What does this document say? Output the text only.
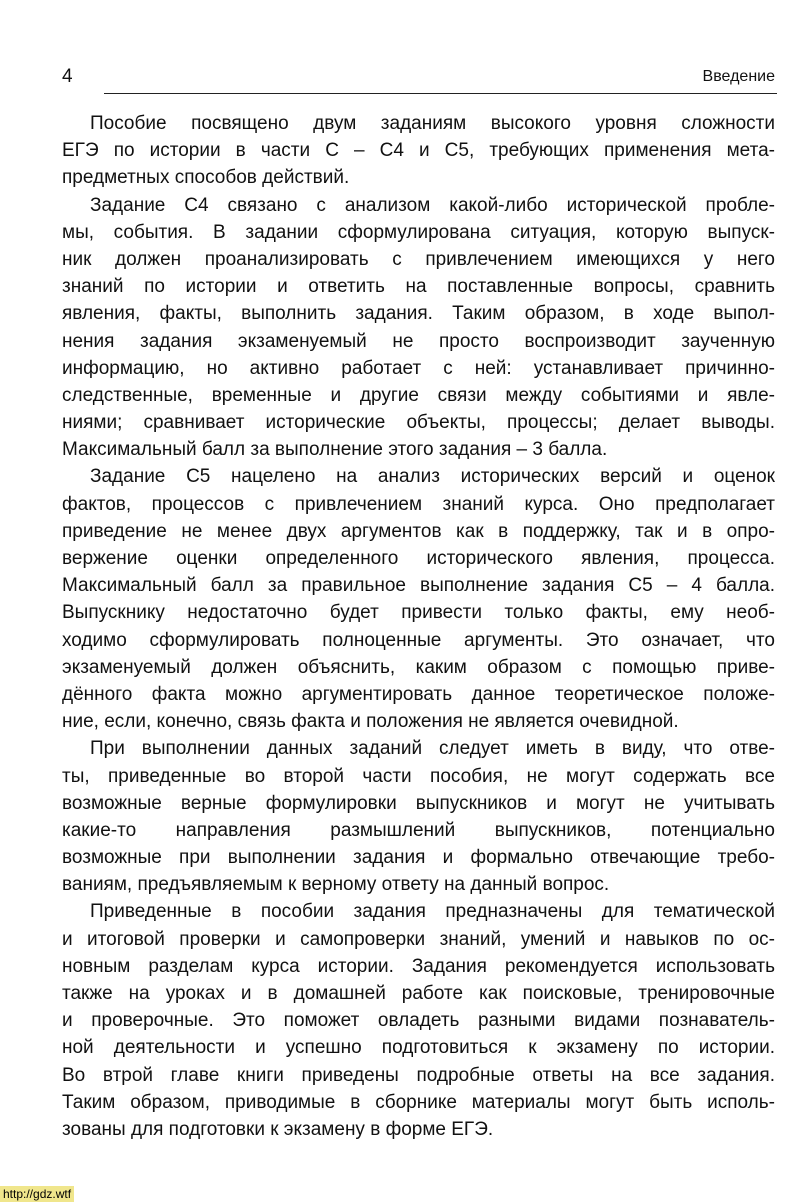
4	Введение
Пособие посвящено двум заданиям высокого уровня сложности
ЕГЭ по истории в части С – С4 и С5, требующих применения мета-
предметных способов действий.
Задание С4 связано с анализом какой-либо исторической пробле-
мы, события. В задании сформулирована ситуация, которую выпуск-
ник должен проанализировать с привлечением имеющихся у него
знаний по истории и ответить на поставленные вопросы, сравнить
явления, факты, выполнить задания. Таким образом, в ходе выпол-
нения задания экзаменуемый не просто воспроизводит заученную
информацию, но активно работает с ней: устанавливает причинно-
следственные, временные и другие связи между событиями и явле-
ниями; сравнивает исторические объекты, процессы; делает выводы.
Максимальный балл за выполнение этого задания – 3 балла.
Задание С5 нацелено на анализ исторических версий и оценок
фактов, процессов с привлечением знаний курса. Оно предполагает
приведение не менее двух аргументов как в поддержку, так и в опро-
вержение оценки определенного исторического явления, процесса.
Максимальный балл за правильное выполнение задания С5 – 4 балла.
Выпускнику недостаточно будет привести только факты, ему необ-
ходимо сформулировать полноценные аргументы. Это означает, что
экзаменуемый должен объяснить, каким образом с помощью приве-
дённого факта можно аргументировать данное теоретическое положе-
ние, если, конечно, связь факта и положения не является очевидной.
При выполнении данных заданий следует иметь в виду, что отве-
ты, приведенные во второй части пособия, не могут содержать все
возможные верные формулировки выпускников и могут не учитывать
какие-то направления размышлений выпускников, потенциально
возможные при выполнении задания и формально отвечающие требо-
ваниям, предъявляемым к верному ответу на данный вопрос.
Приведенные в пособии задания предназначены для тематической
и итоговой проверки и самопроверки знаний, умений и навыков по ос-
новным разделам курса истории. Задания рекомендуется использовать
также на уроках и в домашней работе как поисковые, тренировочные
и проверочные. Это поможет овладеть разными видами познаватель-
ной деятельности и успешно подготовиться к экзамену по истории.
Во втрой главе книги приведены подробные ответы на все задания.
Таким образом, приводимые в сборнике материалы могут быть исполь-
зованы для подготовки к экзамену в форме ЕГЭ.
http://gdz.wtf
